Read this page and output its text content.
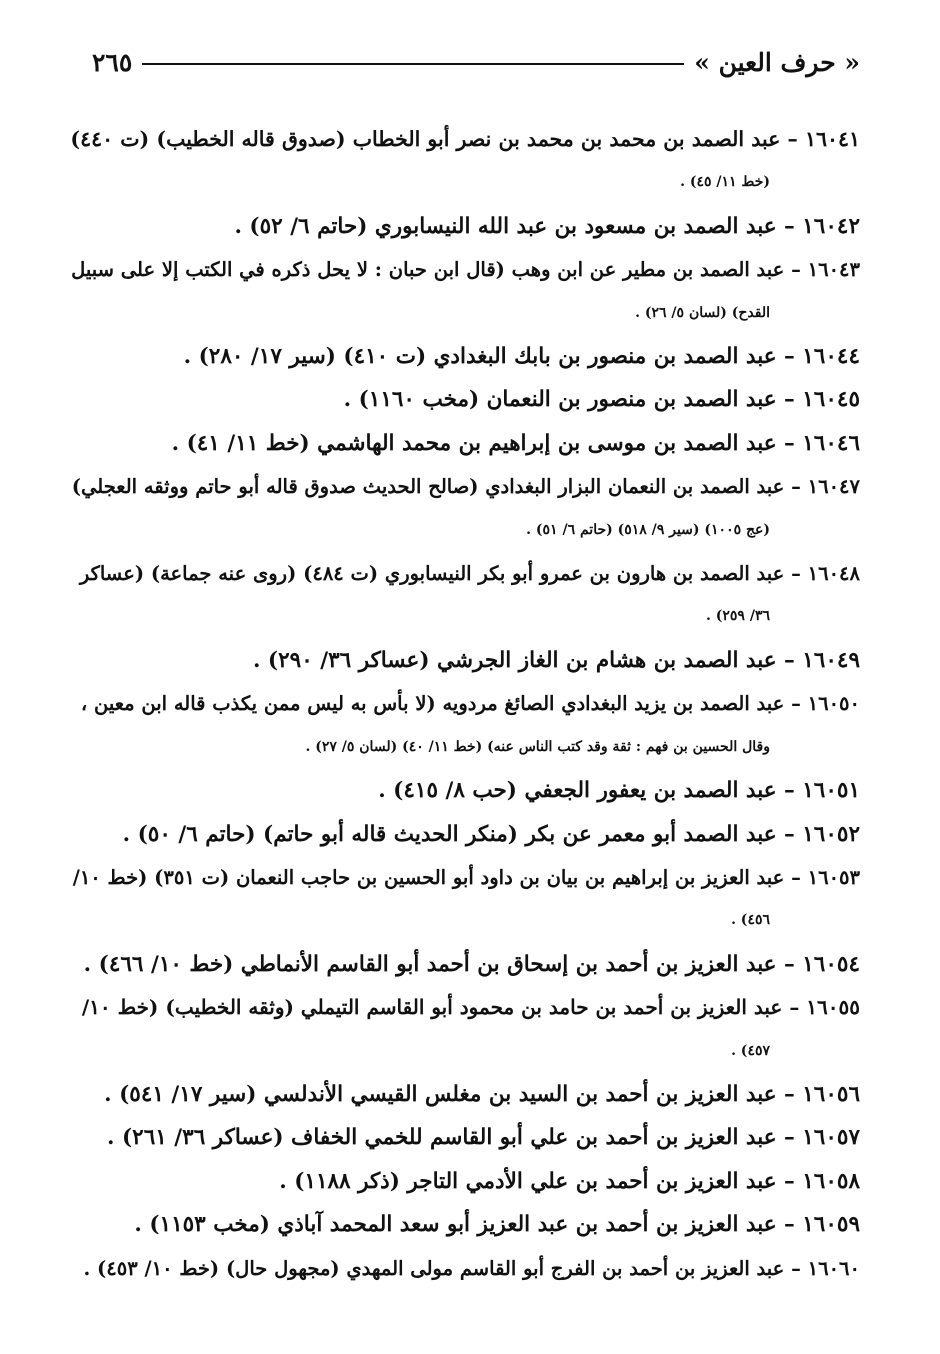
٢٦٥	« حرف العين »
١٦٠٤١ – عبد الصمد بن محمد بن محمد بن نصر أبو الخطاب (صدوق قاله الخطيب) (ت ٤٤٠)
(خط ١١/ ٤٥) .
١٦٠٤٢ – عبد الصمد بن مسعود بن عبد الله النيسابوري (حاتم ٦/ ٥٢) .
١٦٠٤٣ – عبد الصمد بن مطير عن ابن وهب (قال ابن حبان : لا يحل ذكره في الكتب إلا على سبيل
القدح) (لسان ٥/ ٢٦) .
١٦٠٤٤ – عبد الصمد بن منصور بن بابك البغدادي (ت ٤١٠) (سير ١٧/ ٢٨٠) .
١٦٠٤٥ – عبد الصمد بن منصور بن النعمان (مخب ١١٦٠) .
١٦٠٤٦ – عبد الصمد بن موسى بن إبراهيم بن محمد الهاشمي (خط ١١/ ٤١) .
١٦٠٤٧ – عبد الصمد بن النعمان البزار البغدادي (صالح الحديث صدوق قاله أبو حاتم ووثقه العجلي)
(عج ١٠٠٥) (سير ٩/ ٥١٨) (حاتم ٦/ ٥١) .
١٦٠٤٨ – عبد الصمد بن هارون بن عمرو أبو بكر النيسابوري (ت ٤٨٤) (روى عنه جماعة) (عساكر
٣٦/ ٢٥٩) .
١٦٠٤٩ – عبد الصمد بن هشام بن الغاز الجرشي (عساكر ٣٦/ ٢٩٠) .
١٦٠٥٠ – عبد الصمد بن يزيد البغدادي الصائغ مردويه (لا بأس به ليس ممن يكذب قاله ابن معين ،
وقال الحسين بن فهم : ثقة وقد كتب الناس عنه) (خط ١١/ ٤٠) (لسان ٥/ ٢٧) .
١٦٠٥١ – عبد الصمد بن يعفور الجعفي (حب ٨/ ٤١٥) .
١٦٠٥٢ – عبد الصمد أبو معمر عن بكر (منكر الحديث قاله أبو حاتم) (حاتم ٦/ ٥٠) .
١٦٠٥٣ – عبد العزيز بن إبراهيم بن بيان بن داود أبو الحسين بن حاجب النعمان (ت ٣٥١) (خط ١٠/
٤٥٦) .
١٦٠٥٤ – عبد العزيز بن أحمد بن إسحاق بن أحمد أبو القاسم الأنماطي (خط ١٠/ ٤٦٦) .
١٦٠٥٥ – عبد العزيز بن أحمد بن حامد بن محمود أبو القاسم التيملي (وثقه الخطيب) (خط ١٠/
٤٥٧) .
١٦٠٥٦ – عبد العزيز بن أحمد بن السيد بن مغلس القيسي الأندلسي (سير ١٧/ ٥٤١) .
١٦٠٥٧ – عبد العزيز بن أحمد بن علي أبو القاسم للخمي الخفاف (عساكر ٣٦/ ٢٦١) .
١٦٠٥٨ – عبد العزيز بن أحمد بن علي الأدمي التاجر (ذكر ١١٨٨) .
١٦٠٥٩ – عبد العزيز بن أحمد بن عبد العزيز أبو سعد المحمد آباذي (مخب ١١٥٣) .
١٦٠٦٠ – عبد العزيز بن أحمد بن الفرج أبو القاسم مولى المهدي (مجهول حال) (خط ١٠/ ٤٥٣) .
